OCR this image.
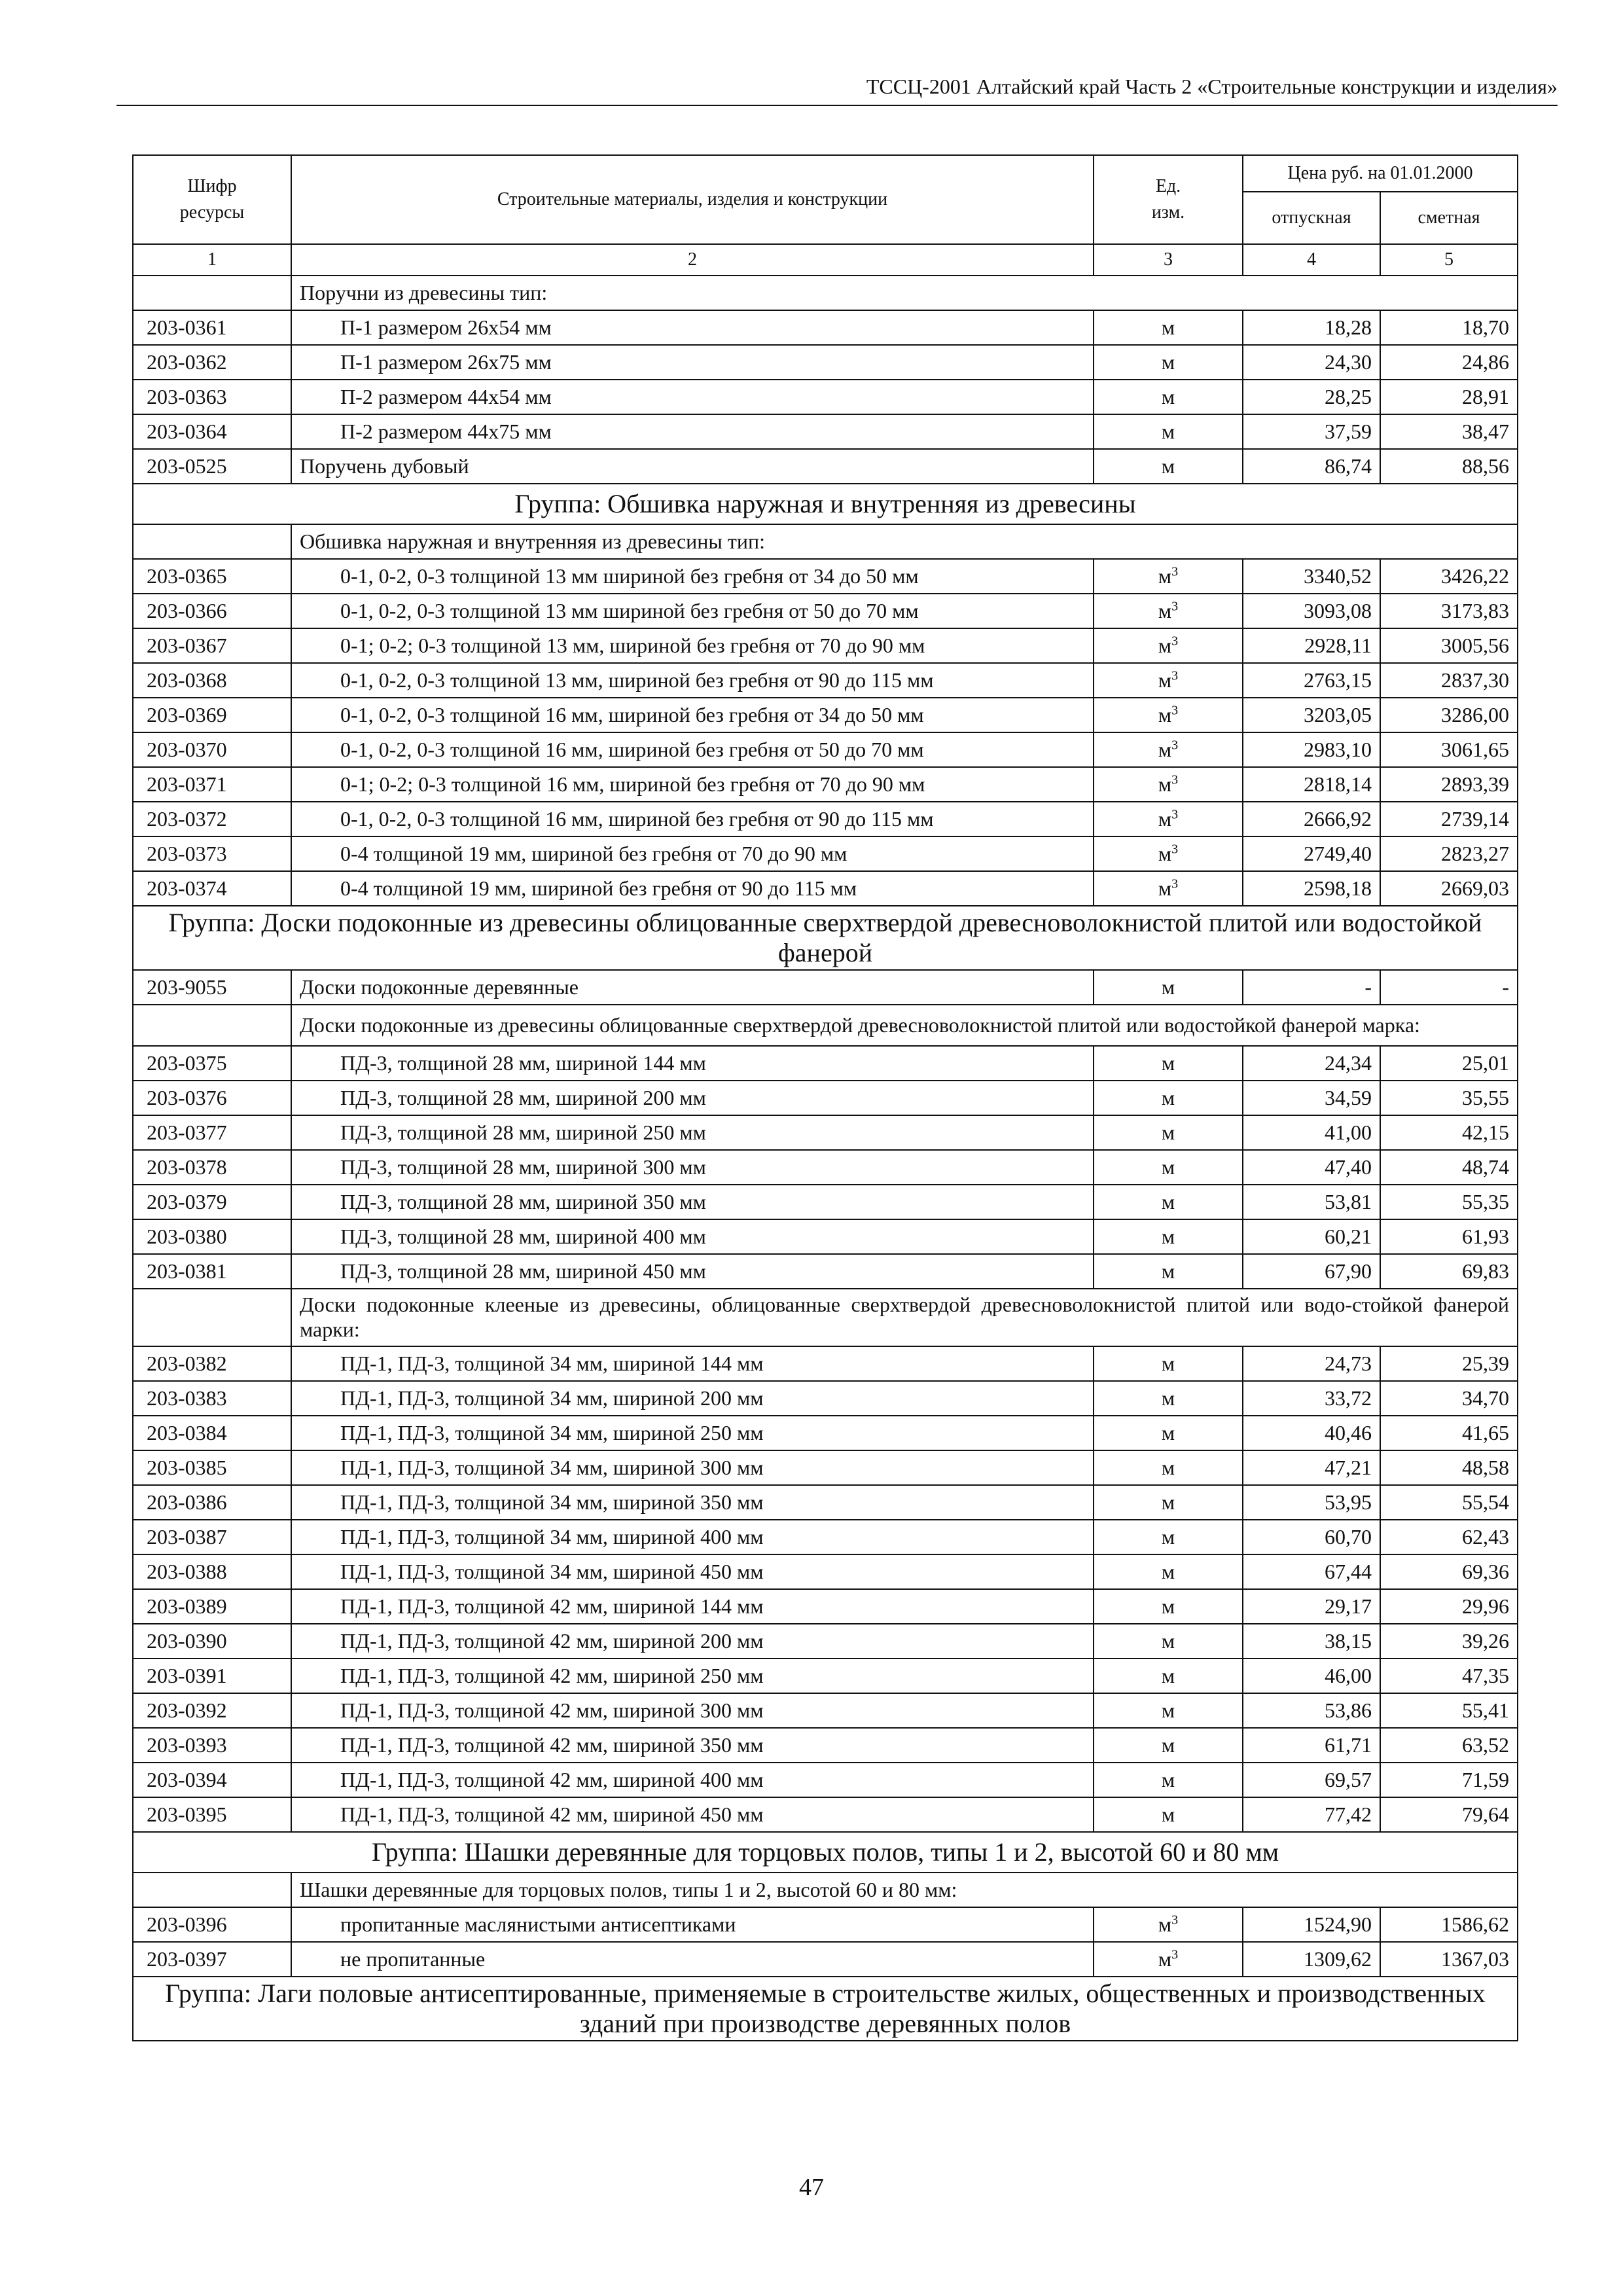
ТССЦ-2001 Алтайский край Часть 2 «Строительные конструкции и изделия»
Шифр ресурсы	Строительные материалы, изделия и конструкции	Ед. изм.	Цена руб. на 01.01.2000	
			отпускная	сметная
1	2	3	4	5
	Поручни из древесины тип:			
203-0361	П-1 размером 26х54 мм	м	18,28	18,70
203-0362	П-1 размером 26х75 мм	м	24,30	24,86
203-0363	П-2 размером 44х54 мм	м	28,25	28,91
203-0364	П-2 размером 44х75 мм	м	37,59	38,47
203-0525	Поручень дубовый	м	86,74	88,56
Группа: Обшивка наружная и внутренняя из древесины				
	Обшивка наружная и внутренняя из древесины тип:			
203-0365	0-1, 0-2, 0-3 толщиной 13 мм шириной без гребня от 34 до 50 мм	$м^3$	3340,52	3426,22
203-0366	0-1, 0-2, 0-3 толщиной 13 мм шириной без гребня от 50 до 70 мм	$м^3$	3093,08	3173,83
203-0367	0-1; 0-2; 0-3 толщиной 13 мм, шириной без гребня от 70 до 90 мм	$м^3$	2928,11	3005,56
203-0368	0-1, 0-2, 0-3 толщиной 13 мм, шириной без гребня от 90 до 115 мм	$м^3$	2763,15	2837,30
203-0369	0-1, 0-2, 0-3 толщиной 16 мм, шириной без гребня от 34 до 50 мм	$м^3$	3203,05	3286,00
203-0370	0-1, 0-2, 0-3 толщиной 16 мм, шириной без гребня от 50 до 70 мм	$м^3$	2983,10	3061,65
203-0371	0-1; 0-2; 0-3 толщиной 16 мм, шириной без гребня от 70 до 90 мм	$м^3$	2818,14	2893,39
203-0372	0-1, 0-2, 0-3 толщиной 16 мм, шириной без гребня от 90 до 115 мм	$м^3$	2666,92	2739,14
203-0373	0-4 толщиной 19 мм, шириной без гребня от 70 до 90 мм	$м^3$	2749,40	2823,27
203-0374	0-4 толщиной 19 мм, шириной без гребня от 90 до 115 мм	$м^3$	2598,18	2669,03
Группа: Доски подоконные из древесины облицованные сверхтвердой древесноволокнистой плитой или водостойкой фанерой				
203-9055	Доски подоконные деревянные	м	-	-
	Доски подоконные из древесины облицованные сверхтвердой древесноволокнистой плитой или водостойкой фанерой марка:			
203-0375	ПД-3, толщиной 28 мм, шириной 144 мм	м	24,34	25,01
203-0376	ПД-3, толщиной 28 мм, шириной 200 мм	м	34,59	35,55
203-0377	ПД-3, толщиной 28 мм, шириной 250 мм	м	41,00	42,15
203-0378	ПД-3, толщиной 28 мм, шириной 300 мм	м	47,40	48,74
203-0379	ПД-3, толщиной 28 мм, шириной 350 мм	м	53,81	55,35
203-0380	ПД-3, толщиной 28 мм, шириной 400 мм	м	60,21	61,93
203-0381	ПД-3, толщиной 28 мм, шириной 450 мм	м	67,90	69,83
	Доски подоконные клееные из древесины, облицованные сверхтвердой древесноволокнистой плитой или водо-стойкой фанерой марки:			
203-0382	ПД-1, ПД-3, толщиной 34 мм, шириной 144 мм	м	24,73	25,39
203-0383	ПД-1, ПД-3, толщиной 34 мм, шириной 200 мм	м	33,72	34,70
203-0384	ПД-1, ПД-3, толщиной 34 мм, шириной 250 мм	м	40,46	41,65
203-0385	ПД-1, ПД-3, толщиной 34 мм, шириной 300 мм	м	47,21	48,58
203-0386	ПД-1, ПД-3, толщиной 34 мм, шириной 350 мм	м	53,95	55,54
203-0387	ПД-1, ПД-3, толщиной 34 мм, шириной 400 мм	м	60,70	62,43
203-0388	ПД-1, ПД-3, толщиной 34 мм, шириной 450 мм	м	67,44	69,36
203-0389	ПД-1, ПД-3, толщиной 42 мм, шириной 144 мм	м	29,17	29,96
203-0390	ПД-1, ПД-3, толщиной 42 мм, шириной 200 мм	м	38,15	39,26
203-0391	ПД-1, ПД-3, толщиной 42 мм, шириной 250 мм	м	46,00	47,35
203-0392	ПД-1, ПД-3, толщиной 42 мм, шириной 300 мм	м	53,86	55,41
203-0393	ПД-1, ПД-3, толщиной 42 мм, шириной 350 мм	м	61,71	63,52
203-0394	ПД-1, ПД-3, толщиной 42 мм, шириной 400 мм	м	69,57	71,59
203-0395	ПД-1, ПД-3, толщиной 42 мм, шириной 450 мм	м	77,42	79,64
Группа: Шашки деревянные для торцовых полов, типы 1 и 2, высотой 60 и 80 мм				
	Шашки деревянные для торцовых полов, типы 1 и 2, высотой 60 и 80 мм:			
203-0396	пропитанные маслянистыми антисептиками	$м^3$	1524,90	1586,62
203-0397	не пропитанные	$м^3$	1309,62	1367,03
Группа: Лаги половые антисептированные, применяемые в строительстве жилых, общественных и производственных зданий при производстве деревянных полов				
47
